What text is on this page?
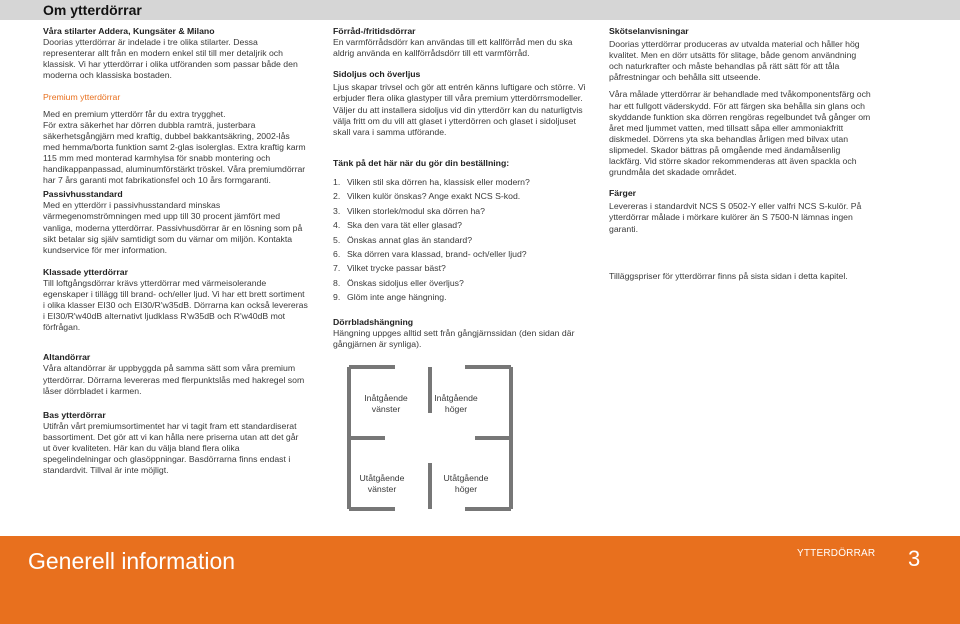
Om ytterdörrar

Våra stilarter Addera, Kungsäter & Milano

Doorias ytterdörrar är indelade i tre olika stilarter. Dessa representerar allt från en modern enkel stil till mer detaljrik och klassisk. Vi har ytterdörrar i olika utföranden som passar både den moderna och klassiska bostaden.

Premium ytterdörrar

Med en premium ytterdörr får du extra trygghet.

För extra säkerhet har dörren dubbla ramträ, justerbara säkerhetsgångjärn med kraftig, dubbel bakkantsäkring, 2002-lås med hemma/borta funktion samt 2-glas isolerglas. Extra kraftig karm 115 mm med monterad karmhylsa för snabb montering och handikappanpassad, aluminumförstärkt tröskel. Våra premiumdörrar har 7 års garanti mot fabrikationsfel och 10 års formgaranti.

Passivhusstandard

Med en ytterdörr i passivhusstandard minskas värmegenomströmningen med upp till 30 procent jämfört med vanliga, moderna ytterdörrar. Passivhusdörrar är en lösning som på sikt betalar sig själv samtidigt som du värnar om miljön. Kontakta kundservice för mer information.

Klassade ytterdörrar

Till loftgångsdörrar krävs ytterdörrar med värmeisolerande egenskaper i tillägg till brand- och/eller ljud. Vi har ett brett sortiment i olika klasser EI30 och EI30/R'w35dB. Dörrarna kan också levereras i EI30/R'w40dB alternativt ljudklass R'w35dB och R'w40dB mot förfrågan.

Altandörrar

Våra altandörrar är uppbyggda på samma sätt som våra premium ytterdörrar. Dörrarna levereras med flerpunktslås med hakregel som låser dörrbladet i karmen.

Bas ytterdörrar

Utifrån vårt premiumsortimentet har vi tagit fram ett standardiserat bassortiment. Det gör att vi kan hålla nere priserna utan att det går ut över kvaliteten. Här kan du välja bland flera olika spegelindelningar och glasöppningar. Basdörrarna finns endast i standardvit. Tillval är inte möjligt.

Förråd-/fritidsdörrar

En varmförrådsdörr kan användas till ett kallförråd men du ska aldrig använda en kallförrådsdörr till ett varmförråd.

Sidoljus och överljus

Ljus skapar trivsel och gör att entrén känns luftigare och större. Vi erbjuder flera olika glastyper till våra premium ytterdörrsmodeller. Väljer du att installera sidoljus vid din ytterdörr kan du naturligtvis välja fritt om du vill att glaset i ytterdörren och glaset i sidoljuset skall vara i samma utförande.

Tänk på det här när du gör din beställning:

1. Vilken stil ska dörren ha, klassisk eller modern?
2. Vilken kulör önskas? Ange exakt NCS S-kod.
3. Vilken storlek/modul ska dörren ha?
4. Ska den vara tät eller glasad?
5. Önskas annat glas än standard?
6. Ska dörren vara klassad, brand- och/eller ljud?
7. Vilket trycke passar bäst?
8. Önskas sidoljus eller överljus?
9. Glöm inte ange hängning.

Dörrbladshängning

Hängning uppges alltid sett från gångjärnssidan (den sidan där gångjärnen är synliga).

Inåtgående
vänster
Inåtgående
höger
Utåtgående
vänster
Utåtgående
höger

Skötselanvisningar

Doorias ytterdörrar produceras av utvalda material och håller hög kvalitet. Men en dörr utsätts för slitage, både genom användning och naturkrafter och måste behandlas på rätt sätt för att tåla påfrestningar och behålla sitt utseende.

Våra målade ytterdörrar är behandlade med tvåkomponentsfärg och har ett fullgott väderskydd. För att färgen ska behålla sin glans och skyddande funktion ska dörren rengöras regelbundet två gånger om året med ljummet vatten, med tillsatt såpa eller ammoniakfritt diskmedel. Dörrens yta ska behandlas årligen med bilvax utan slipmedel. Skador bättras på omgående med ändamålsenlig lackfärg. Vid större skador rekommenderas att även spackla och grundmåla det skadade området.

Färger

Levereras i standardvit NCS S 0502-Y eller valfri NCS S-kulör. På ytterdörrar målade i mörkare kulörer än S 7500-N lämnas ingen garanti.

Tilläggspriser för ytterdörrar finns på sista sidan i detta kapitel.

Generell information	YTTERDÖRRAR 3
